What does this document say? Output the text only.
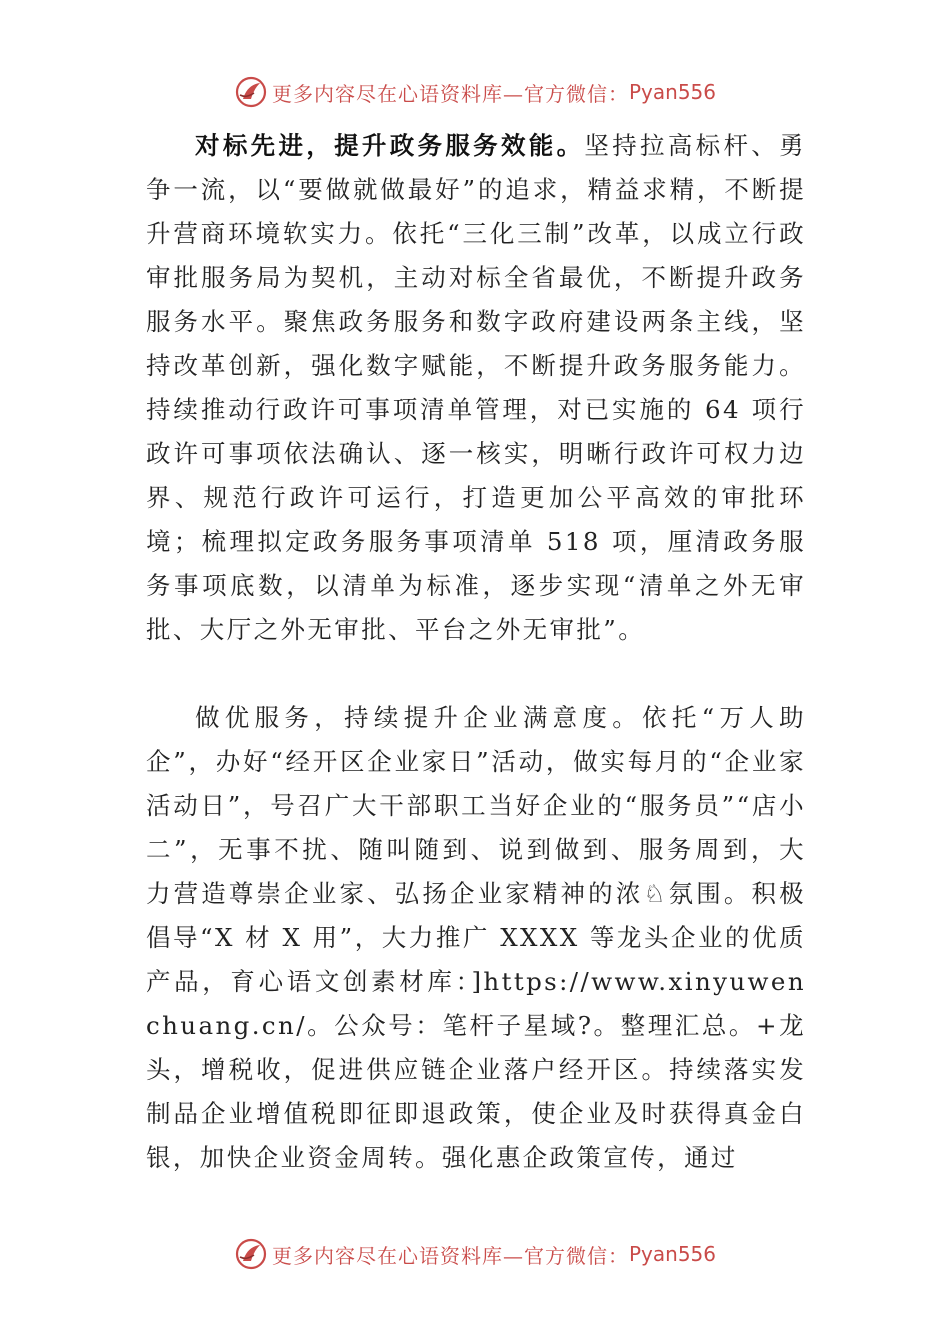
更多内容尽在心语资料库—官方微信： Pyan556

对标先进，提升政务服务效能。坚持拉高标杆、勇争一流，以“要做就做最好”的追求，精益求精，不断提升营商环境软实力。依托“三化三制”改革，以成立行政审批服务局为契机，主动对标全省最优，不断提升政务服务水平。聚焦政务服务和数字政府建设两条主线，坚持改革创新，强化数字赋能，不断提升政务服务能力。持续推动行政许可事项清单管理，对已实施的 64 项行政许可事项依法确认、逐一核实，明晰行政许可权力边界、规范行政许可运行，打造更加公平高效的审批环境；梳理拟定政务服务事项清单 518 项，厘清政务服务事项底数，以清单为标准，逐步实现“清单之外无审批、大厅之外无审批、平台之外无审批”。

做优服务，持续提升企业满意度。依托“万人助企”，办好“经开区企业家日”活动，做实每月的“企业家活动日”，号召广大干部职工当好企业的“服务员”“店小二”，无事不扰、随叫随到、说到做到、服务周到，大力营造尊崇企业家、弘扬企业家精神的浓♘氛围。积极倡导“X 材 X 用”，大力推广 XXXX 等龙头企业的优质产品，育心语文创素材库：]https://www.xinyuwenchuang.cn/。公众号：笔杆子星域?。整理汇总。+龙头，增税收，促进供应链企业落户经开区。持续落实发制品企业增值税即征即退政策，使企业及时获得真金白银，加快企业资金周转。强化惠企政策宣传，通过

更多内容尽在心语资料库—官方微信： Pyan556
